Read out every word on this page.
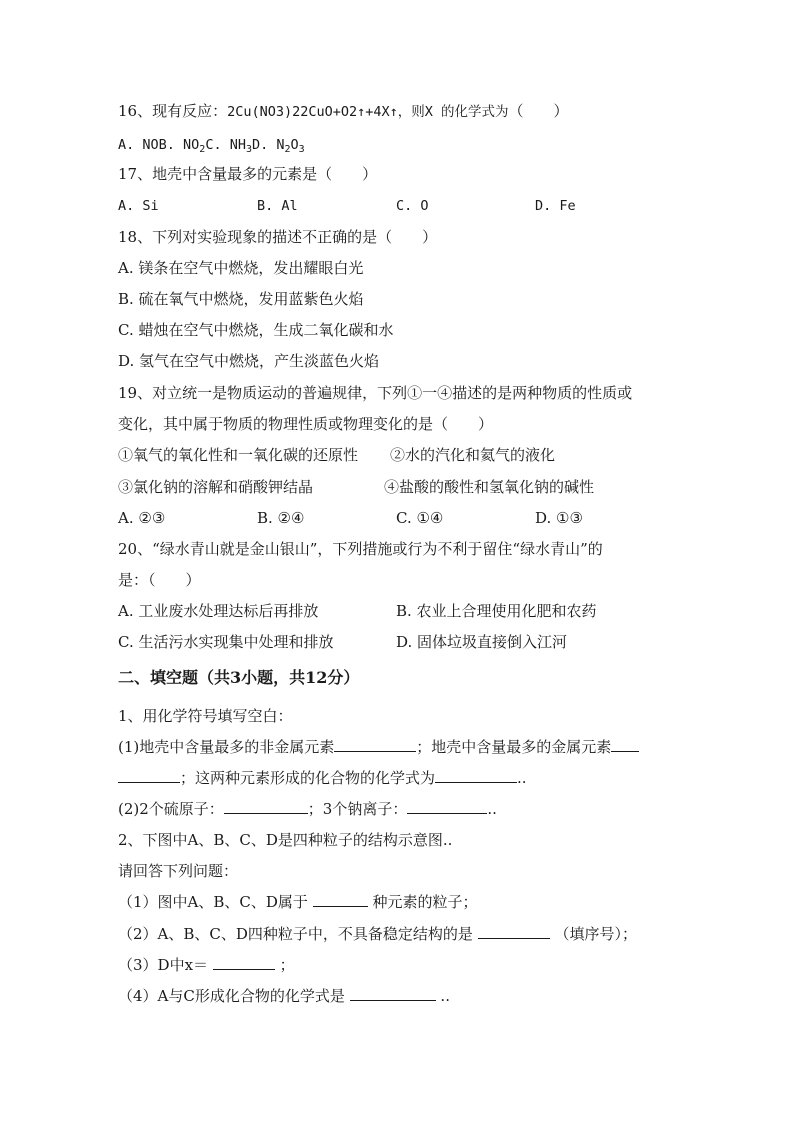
16、现有反应：2Cu(NO3)22CuO+O2↑+4X↑，则X 的化学式为（　　）
A. NOB. $NO_2C$. $NH_3D$. $N_2O_3$
17、地壳中含量最多的元素是（　　）
A. Si	B. Al	C. O	D. Fe
18、下列对实验现象的描述不正确的是（　　）
A. 镁条在空气中燃烧，发出耀眼白光
B. 硫在氧气中燃烧，发用蓝紫色火焰
C. 蜡烛在空气中燃烧，生成二氧化碳和水
D. 氢气在空气中燃烧，产生淡蓝色火焰
19、对立统一是物质运动的普遍规律，下列①一④描述的是两种物质的性质或
变化，其中属于物质的物理性质或物理变化的是（　　）
①氧气的氧化性和一氧化碳的还原性 ②水的汽化和氦气的液化
③氯化钠的溶解和硝酸钾结晶	④盐酸的酸性和氢氧化钠的碱性
A. ②③	B. ②④	C. ①④	D. ①③
20、“绿水青山就是金山银山”，下列措施或行为不利于留住“绿水青山”的
是：（　　）
A. 工业废水处理达标后再排放	B. 农业上合理使用化肥和农药
C. 生活污水实现集中处理和排放	D. 固体垃圾直接倒入江河
二、填空题（共3小题，共12分）
1、用化学符号填写空白：
(1)地壳中含量最多的非金属元素	；地壳中含量最多的金属元素
；这两种元素形成的化合物的化学式为	..
(2)2个硫原子：	；3个钠离子：	..
2、下图中A、B、C、D是四种粒子的结构示意图..
请回答下列问题：
（1）图中A、B、C、D属于	种元素的粒子；
（2）A、B、C、D四种粒子中，不具备稳定结构的是	（填序号）；
（3）D中x＝	；
（4）A与C形成化合物的化学式是	..
